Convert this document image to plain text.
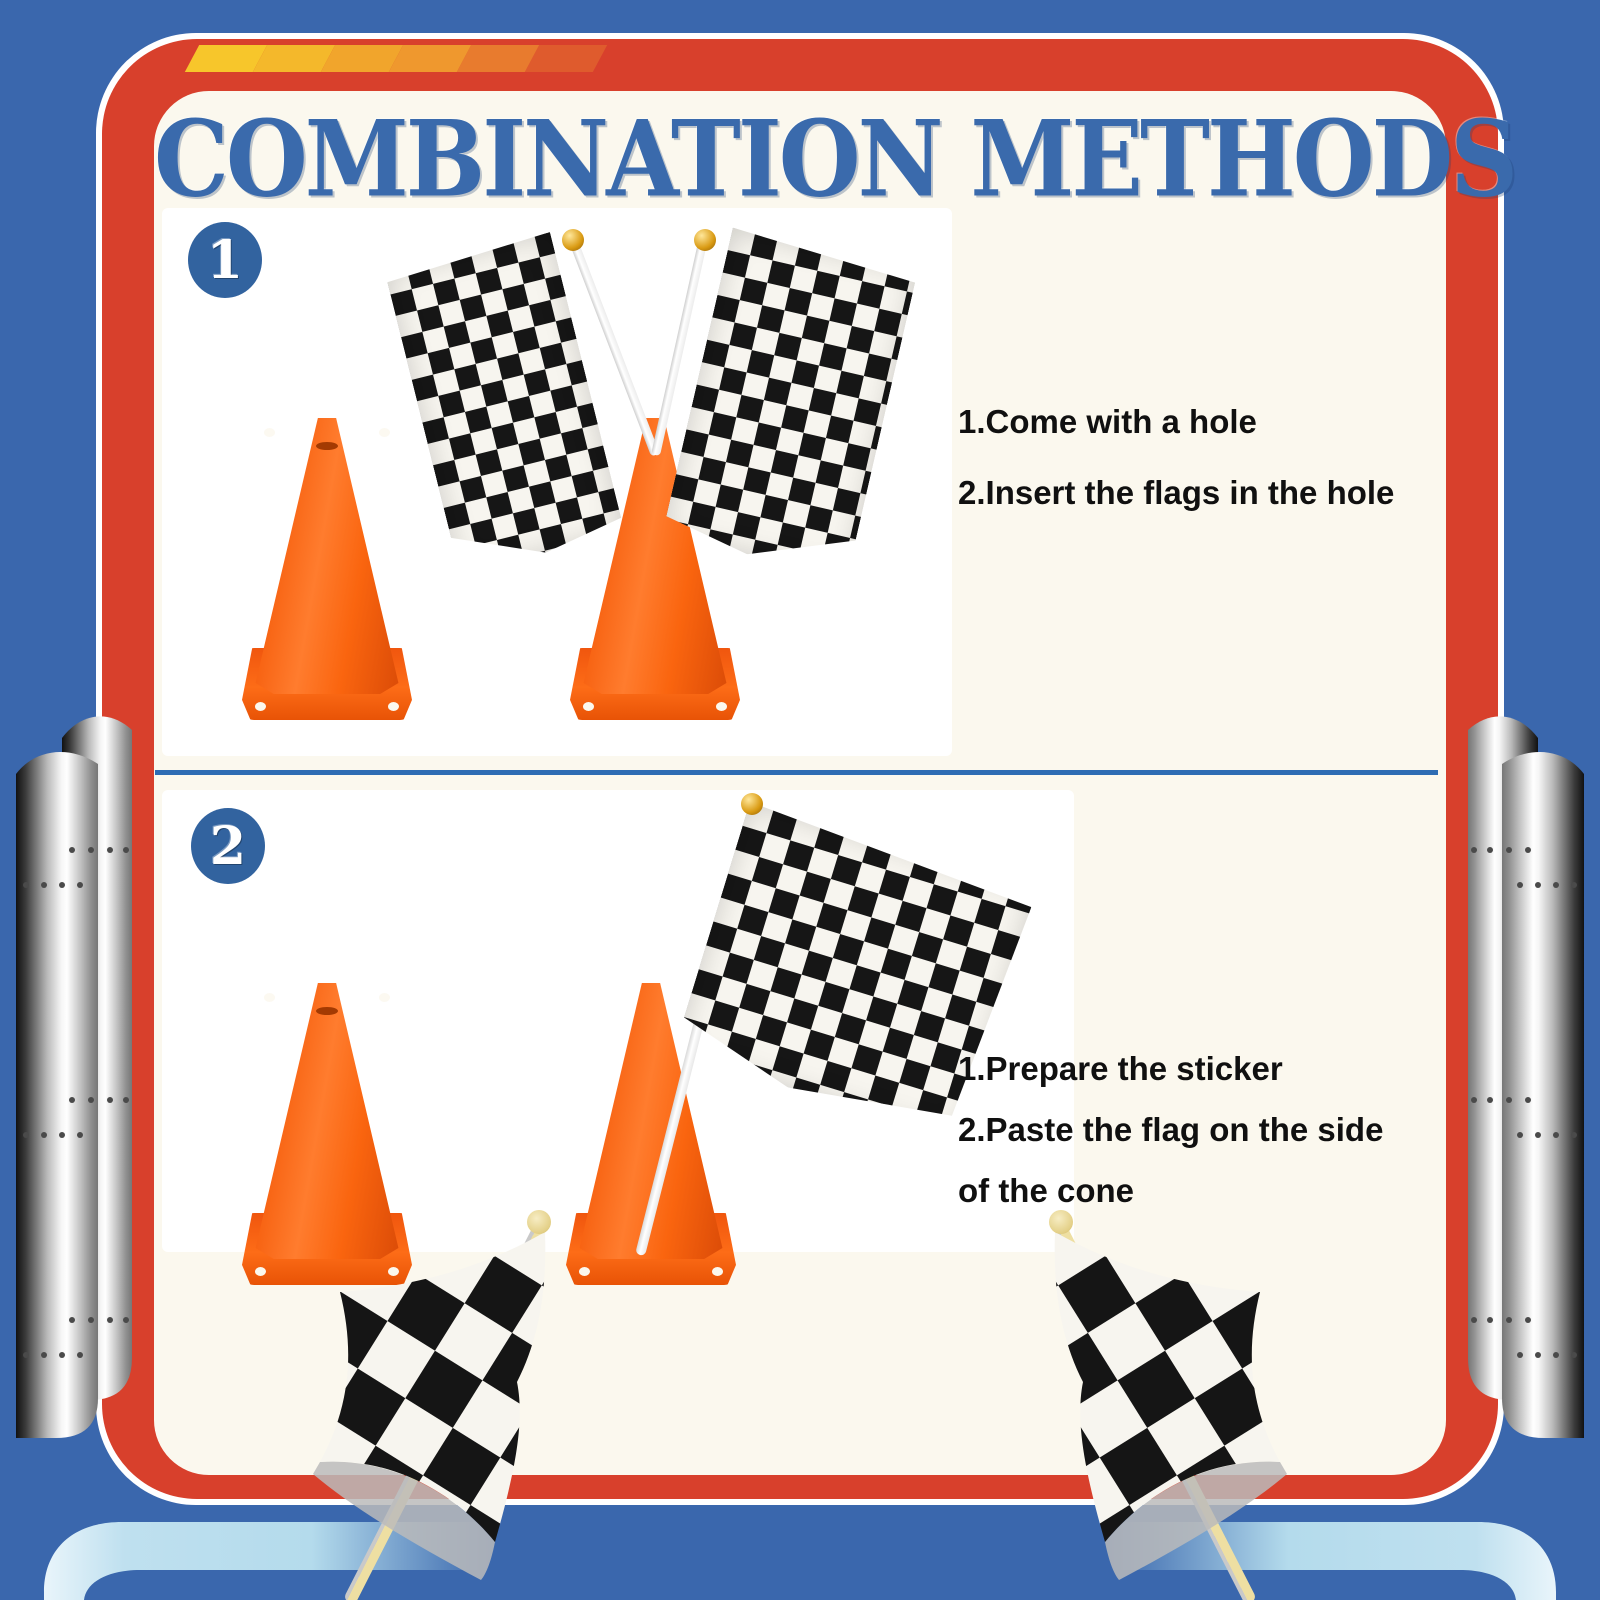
COMBINATION METHODS
1
1.Come with a hole
2.Insert the flags in the hole
2
1.Prepare the sticker
2.Paste the flag on the side
of the cone
